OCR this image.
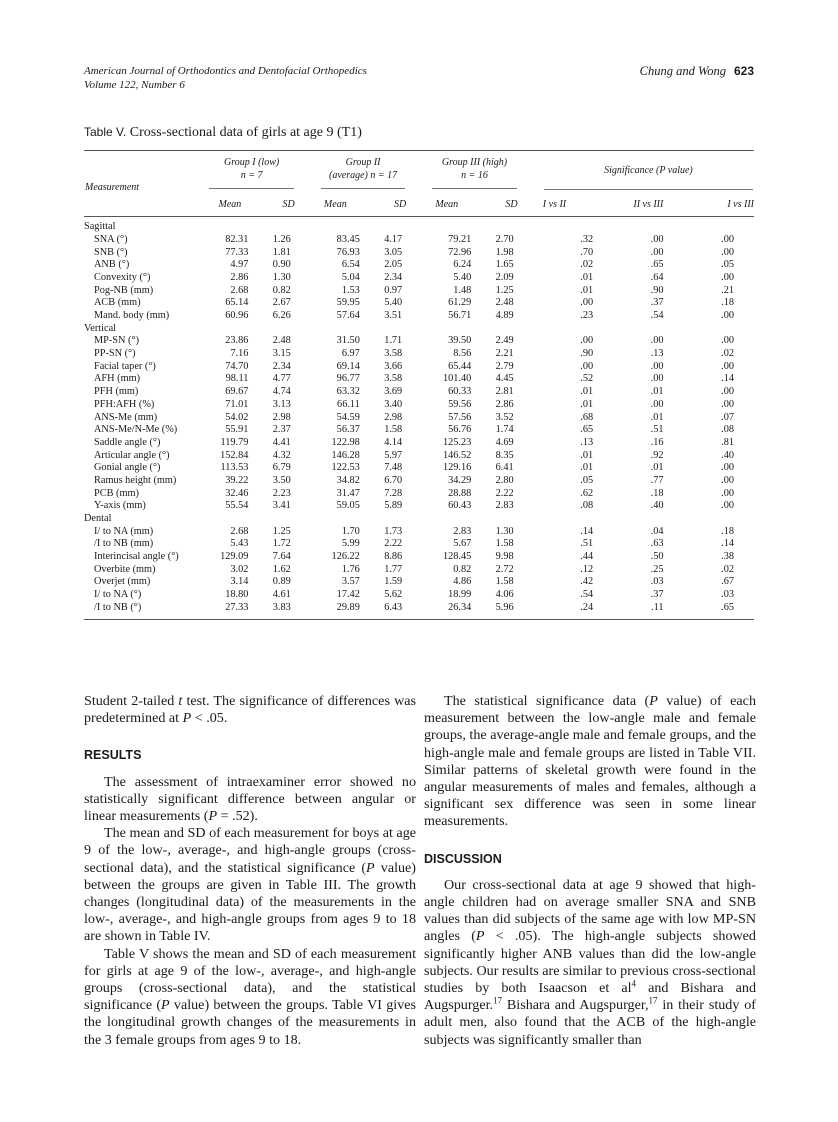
American Journal of Orthodontics and Dentofacial Orthopedics
Volume 122, Number 6
Chung and Wong 623
Table V. Cross-sectional data of girls at age 9 (T1)
Measurement	
Group I (low)
n = 7

Group II
(average) n = 17

Group III (high)
n = 16		Significance (P value)

	Mean	SD		Mean	SD		Mean	SD		I vs II	II vs III	I vs III
Sagittal												
SNA (°)	82.31	1.26		83.45	4.17		79.21	2.70		.32	.00	.00
SNB (°)	77.33	1.81		76.93	3.05		72.96	1.98		.70	.00	.00
ANB (°)	4.97	0.90		6.54	2.05		6.24	1.65		.02	.65	.05
Convexity (°)	2.86	1.30		5.04	2.34		5.40	2.09		.01	.64	.00
Pog-NB (mm)	2.68	0.82		1.53	0.97		1.48	1.25		.01	.90	.21
ACB (mm)	65.14	2.67		59.95	5.40		61.29	2.48		.00	.37	.18
Mand. body (mm)	60.96	6.26		57.64	3.51		56.71	4.89		.23	.54	.00
Vertical												
MP-SN (°)	23.86	2.48		31.50	1.71		39.50	2.49		.00	.00	.00
PP-SN (°)	7.16	3.15		6.97	3.58		8.56	2.21		.90	.13	.02
Facial taper (°)	74.70	2.34		69.14	3.66		65.44	2.79		.00	.00	.00
AFH (mm)	98.11	4.77		96.77	3.58		101.40	4.45		.52	.00	.14
PFH (mm)	69.67	4.74		63.32	3.69		60.33	2.81		.01	.01	.00
PFH:AFH (%)	71.01	3.13		66.11	3.40		59.56	2.86		.01	.00	.00
ANS-Me (mm)	54.02	2.98		54.59	2.98		57.56	3.52		.68	.01	.07
ANS-Me/N-Me (%)	55.91	2.37		56.37	1.58		56.76	1.74		.65	.51	.08
Saddle angle (°)	119.79	4.41		122.98	4.14		125.23	4.69		.13	.16	.81
Articular angle (°)	152.84	4.32		146.28	5.97		146.52	8.35		.01	.92	.40
Gonial angle (°)	113.53	6.79		122.53	7.48		129.16	6.41		.01	.01	.00
Ramus height (mm)	39.22	3.50		34.82	6.70		34.29	2.80		.05	.77	.00
PCB (mm)	32.46	2.23		31.47	7.28		28.88	2.22		.62	.18	.00
Y-axis (mm)	55.54	3.41		59.05	5.89		60.43	2.83		.08	.40	.00
Dental												
I/ to NA (mm)	2.68	1.25		1.70	1.73		2.83	1.30		.14	.04	.18
/I to NB (mm)	5.43	1.72		5.99	2.22		5.67	1.58		.51	.63	.14
Interincisal angle (°)	129.09	7.64		126.22	8.86		128.45	9.98		.44	.50	.38
Overbite (mm)	3.02	1.62		1.76	1.77		0.82	2.72		.12	.25	.02
Overjet (mm)	3.14	0.89		3.57	1.59		4.86	1.58		.42	.03	.67
I/ to NA (°)	18.80	4.61		17.42	5.62		18.99	4.06		.54	.37	.03
/I to NB (°)	27.33	3.83		29.89	6.43		26.34	5.96		.24	.11	.65

Student 2-tailed t test. The significance of differences was predetermined at P < .05.

RESULTS

The assessment of intraexaminer error showed no statistically significant difference between angular or linear measurements (P = .52).

The mean and SD of each measurement for boys at age 9 of the low-, average-, and high-angle groups (cross-sectional data), and the statistical significance (P value) between the groups are given in Table III. The growth changes (longitudinal data) of the measurements in the low-, average-, and high-angle groups from ages 9 to 18 are shown in Table IV.

Table V shows the mean and SD of each measurement for girls at age 9 of the low-, average-, and high-angle groups (cross-sectional data), and the statistical significance (P value) between the groups. Table VI gives the longitudinal growth changes of the measurements in the 3 female groups from ages 9 to 18.

The statistical significance data (P value) of each measurement between the low-angle male and female groups, the average-angle male and female groups, and the high-angle male and female groups are listed in Table VII. Similar patterns of skeletal growth were found in the angular measurements of males and females, although a significant sex difference was seen in some linear measurements.

DISCUSSION

Our cross-sectional data at age 9 showed that high-angle children had on average smaller SNA and SNB values than did subjects of the same age with low MP-SN angles (P < .05). The high-angle subjects showed significantly higher ANB values than did the low-angle subjects. Our results are similar to previous cross-sectional studies by both Isaacson et $al^4$ and Bishara and Augspurger.$^{17}$ Bishara and Augspurger,$^{17}$ in their study of adult men, also found that the ACB of the high-angle subjects was significantly smaller than
